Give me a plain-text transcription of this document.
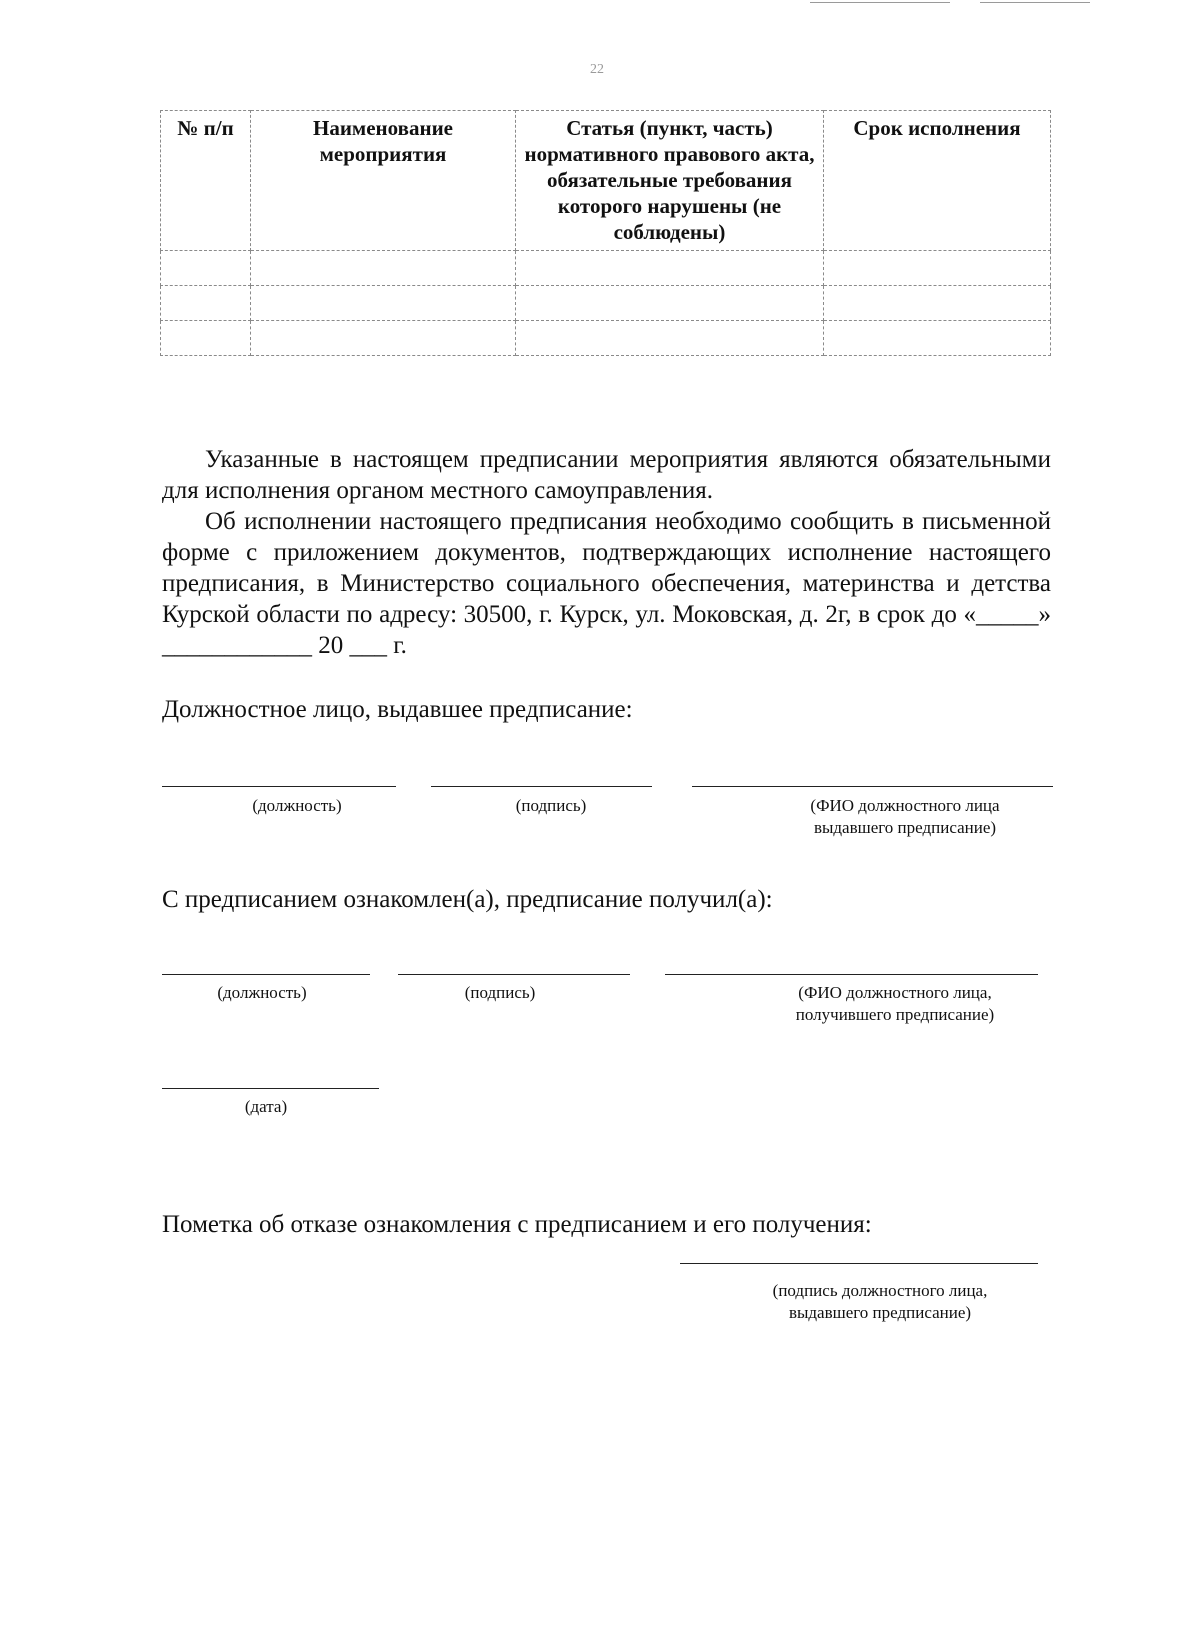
22
№ п/п	Наименование мероприятия	Статья (пункт, часть) нормативного правового акта, обязательные требования которого нарушены (не соблюдены)	Срок исполнения

Указанные в настоящем предписании мероприятия являются обязательными для исполнения органом местного самоуправления.

Об исполнении настоящего предписания необходимо сообщить в письменной форме с приложением документов, подтверждающих исполнение настоящего предписания, в Министерство социального обеспечения, материнства и детства Курской области по адресу: 30500, г. Курск, ул. Моковская, д. 2г, в срок до «_____» ____________ 20 ___ г.

Должностное лицо, выдавшее предписание:
(должность)	(подпись)	(ФИО должностного лица
выдавшего предписание)
С предписанием ознакомлен(а), предписание получил(а):
(должность)	(подпись)	(ФИО должностного лица,
получившего предписание)
(дата)
Пометка об отказе ознакомления с предписанием и его получения:
(подпись должностного лица,
выдавшего предписание)
